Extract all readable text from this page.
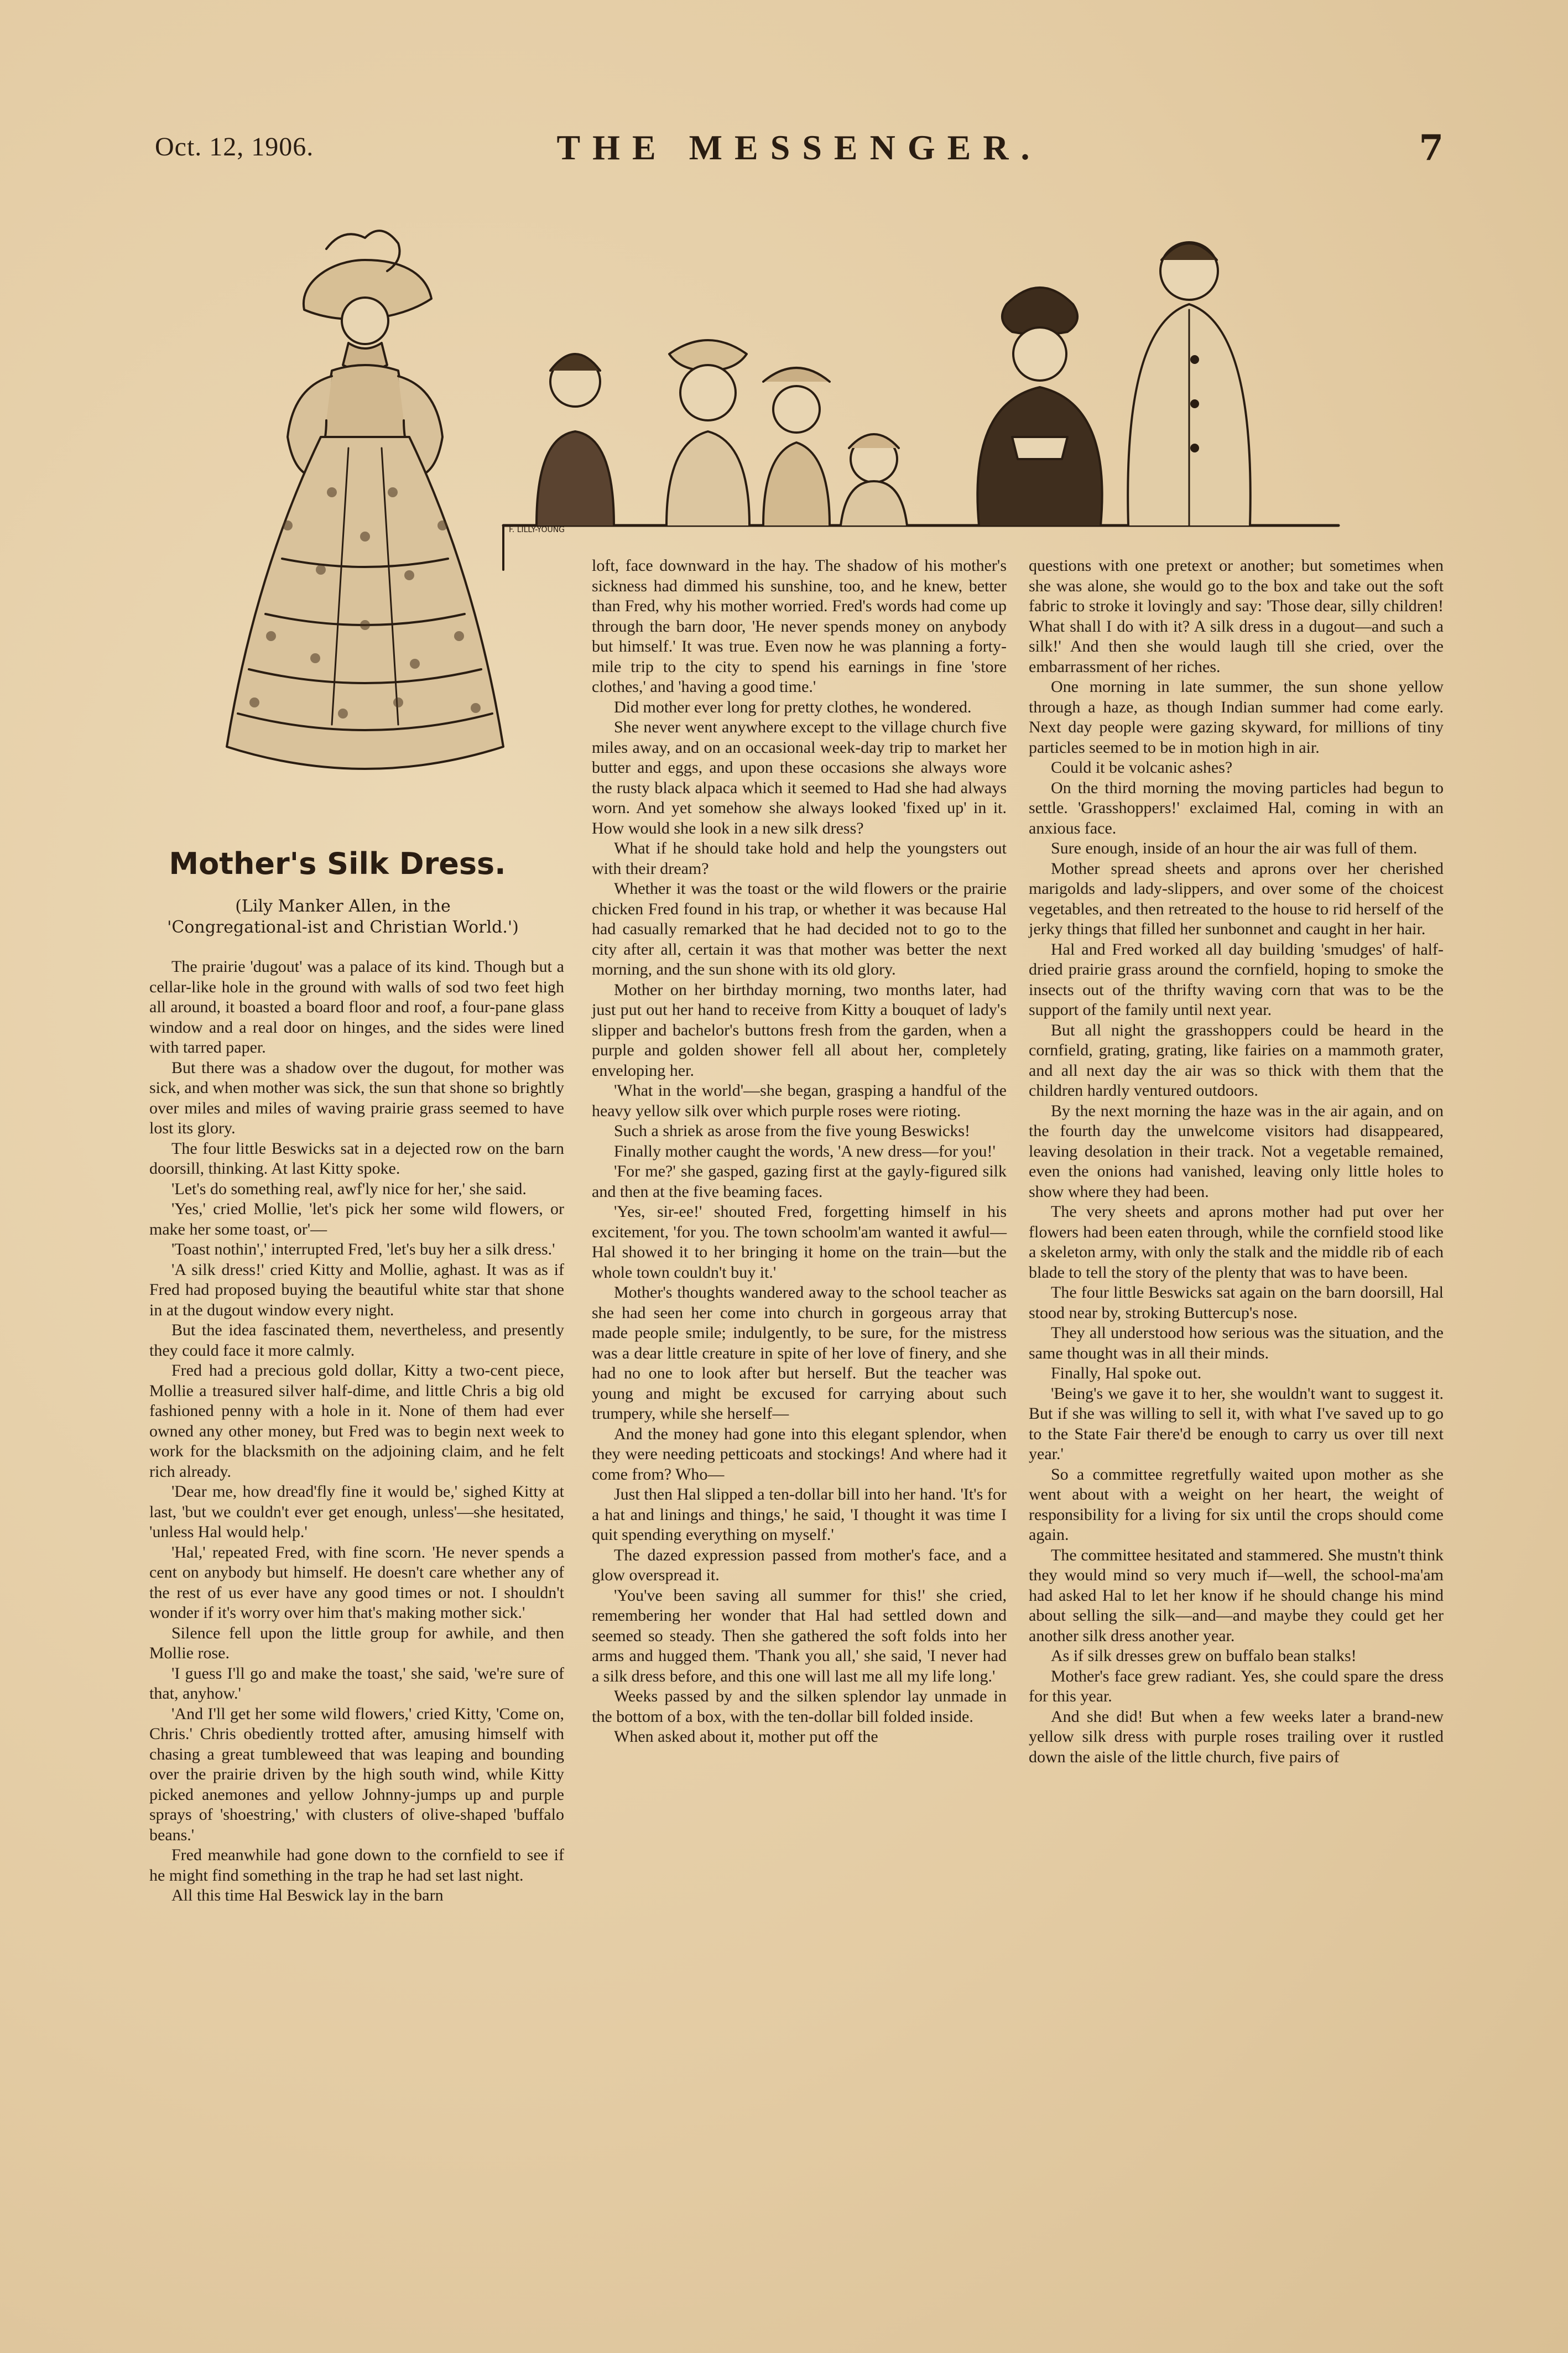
Oct. 12, 1906.	THE MESSENGER.	7
F. LILLY-YOUNG
Mother's Silk Dress.
(Lily Manker Allen, in the 'Congregational-ist and Christian World.')

The prairie 'dugout' was a palace of its kind. Though but a cellar-like hole in the ground with walls of sod two feet high all around, it boasted a board floor and roof, a four-pane glass window and a real door on hinges, and the sides were lined with tarred paper.

But there was a shadow over the dugout, for mother was sick, and when mother was sick, the sun that shone so brightly over miles and miles of waving prairie grass seemed to have lost its glory.

The four little Beswicks sat in a dejected row on the barn doorsill, thinking. At last Kitty spoke.

'Let's do something real, awf'ly nice for her,' she said.

'Yes,' cried Mollie, 'let's pick her some wild flowers, or make her some toast, or'—

'Toast nothin',' interrupted Fred, 'let's buy her a silk dress.'

'A silk dress!' cried Kitty and Mollie, aghast. It was as if Fred had proposed buying the beautiful white star that shone in at the dugout window every night.

But the idea fascinated them, nevertheless, and presently they could face it more calmly.

Fred had a precious gold dollar, Kitty a two-cent piece, Mollie a treasured silver half-dime, and little Chris a big old fashioned penny with a hole in it. None of them had ever owned any other money, but Fred was to begin next week to work for the blacksmith on the adjoining claim, and he felt rich already.

'Dear me, how dread'fly fine it would be,' sighed Kitty at last, 'but we couldn't ever get enough, unless'—she hesitated, 'unless Hal would help.'

'Hal,' repeated Fred, with fine scorn. 'He never spends a cent on anybody but himself. He doesn't care whether any of the rest of us ever have any good times or not. I shouldn't wonder if it's worry over him that's making mother sick.'

Silence fell upon the little group for awhile, and then Mollie rose.

'I guess I'll go and make the toast,' she said, 'we're sure of that, anyhow.'

'And I'll get her some wild flowers,' cried Kitty, 'Come on, Chris.' Chris obediently trotted after, amusing himself with chasing a great tumbleweed that was leaping and bounding over the prairie driven by the high south wind, while Kitty picked anemones and yellow Johnny-jumps up and purple sprays of 'shoestring,' with clusters of olive-shaped 'buffalo beans.'

Fred meanwhile had gone down to the cornfield to see if he might find something in the trap he had set last night.

All this time Hal Beswick lay in the barn

loft, face downward in the hay. The shadow of his mother's sickness had dimmed his sunshine, too, and he knew, better than Fred, why his mother worried. Fred's words had come up through the barn door, 'He never spends money on anybody but himself.' It was true. Even now he was planning a forty-mile trip to the city to spend his earnings in fine 'store clothes,' and 'having a good time.'

Did mother ever long for pretty clothes, he wondered.

She never went anywhere except to the village church five miles away, and on an occasional week-day trip to market her butter and eggs, and upon these occasions she always wore the rusty black alpaca which it seemed to Had she had always worn. And yet somehow she always looked 'fixed up' in it. How would she look in a new silk dress?

What if he should take hold and help the youngsters out with their dream?

Whether it was the toast or the wild flowers or the prairie chicken Fred found in his trap, or whether it was because Hal had casually remarked that he had decided not to go to the city after all, certain it was that mother was better the next morning, and the sun shone with its old glory.

Mother on her birthday morning, two months later, had just put out her hand to receive from Kitty a bouquet of lady's slipper and bachelor's buttons fresh from the garden, when a purple and golden shower fell all about her, completely enveloping her.

'What in the world'—she began, grasping a handful of the heavy yellow silk over which purple roses were rioting.

Such a shriek as arose from the five young Beswicks!

Finally mother caught the words, 'A new dress—for you!'

'For me?' she gasped, gazing first at the gayly-figured silk and then at the five beaming faces.

'Yes, sir-ee!' shouted Fred, forgetting himself in his excitement, 'for you. The town schoolm'am wanted it awful—Hal showed it to her bringing it home on the train—but the whole town couldn't buy it.'

Mother's thoughts wandered away to the school teacher as she had seen her come into church in gorgeous array that made people smile; indulgently, to be sure, for the mistress was a dear little creature in spite of her love of finery, and she had no one to look after but herself. But the teacher was young and might be excused for carrying about such trumpery, while she herself—

And the money had gone into this elegant splendor, when they were needing petticoats and stockings! And where had it come from? Who—

Just then Hal slipped a ten-dollar bill into her hand. 'It's for a hat and linings and things,' he said, 'I thought it was time I quit spending everything on myself.'

The dazed expression passed from mother's face, and a glow overspread it.

'You've been saving all summer for this!' she cried, remembering her wonder that Hal had settled down and seemed so steady. Then she gathered the soft folds into her arms and hugged them. 'Thank you all,' she said, 'I never had a silk dress before, and this one will last me all my life long.'

Weeks passed by and the silken splendor lay unmade in the bottom of a box, with the ten-dollar bill folded inside.

When asked about it, mother put off the

questions with one pretext or another; but sometimes when she was alone, she would go to the box and take out the soft fabric to stroke it lovingly and say: 'Those dear, silly children! What shall I do with it? A silk dress in a dugout—and such a silk!' And then she would laugh till she cried, over the embarrassment of her riches.

One morning in late summer, the sun shone yellow through a haze, as though Indian summer had come early. Next day people were gazing skyward, for millions of tiny particles seemed to be in motion high in air.

Could it be volcanic ashes?

On the third morning the moving particles had begun to settle. 'Grasshoppers!' exclaimed Hal, coming in with an anxious face.

Sure enough, inside of an hour the air was full of them.

Mother spread sheets and aprons over her cherished marigolds and lady-slippers, and over some of the choicest vegetables, and then retreated to the house to rid herself of the jerky things that filled her sunbonnet and caught in her hair.

Hal and Fred worked all day building 'smudges' of half-dried prairie grass around the cornfield, hoping to smoke the insects out of the thrifty waving corn that was to be the support of the family until next year.

But all night the grasshoppers could be heard in the cornfield, grating, grating, like fairies on a mammoth grater, and all next day the air was so thick with them that the children hardly ventured outdoors.

By the next morning the haze was in the air again, and on the fourth day the unwelcome visitors had disappeared, leaving desolation in their track. Not a vegetable remained, even the onions had vanished, leaving only little holes to show where they had been.

The very sheets and aprons mother had put over her flowers had been eaten through, while the cornfield stood like a skeleton army, with only the stalk and the middle rib of each blade to tell the story of the plenty that was to have been.

The four little Beswicks sat again on the barn doorsill, Hal stood near by, stroking Buttercup's nose.

They all understood how serious was the situation, and the same thought was in all their minds.

Finally, Hal spoke out.

'Being's we gave it to her, she wouldn't want to suggest it. But if she was willing to sell it, with what I've saved up to go to the State Fair there'd be enough to carry us over till next year.'

So a committee regretfully waited upon mother as she went about with a weight on her heart, the weight of responsibility for a living for six until the crops should come again.

The committee hesitated and stammered. She mustn't think they would mind so very much if—well, the school-ma'am had asked Hal to let her know if he should change his mind about selling the silk—and—and maybe they could get her another silk dress another year.

As if silk dresses grew on buffalo bean stalks!

Mother's face grew radiant. Yes, she could spare the dress for this year.

And she did! But when a few weeks later a brand-new yellow silk dress with purple roses trailing over it rustled down the aisle of the little church, five pairs of
